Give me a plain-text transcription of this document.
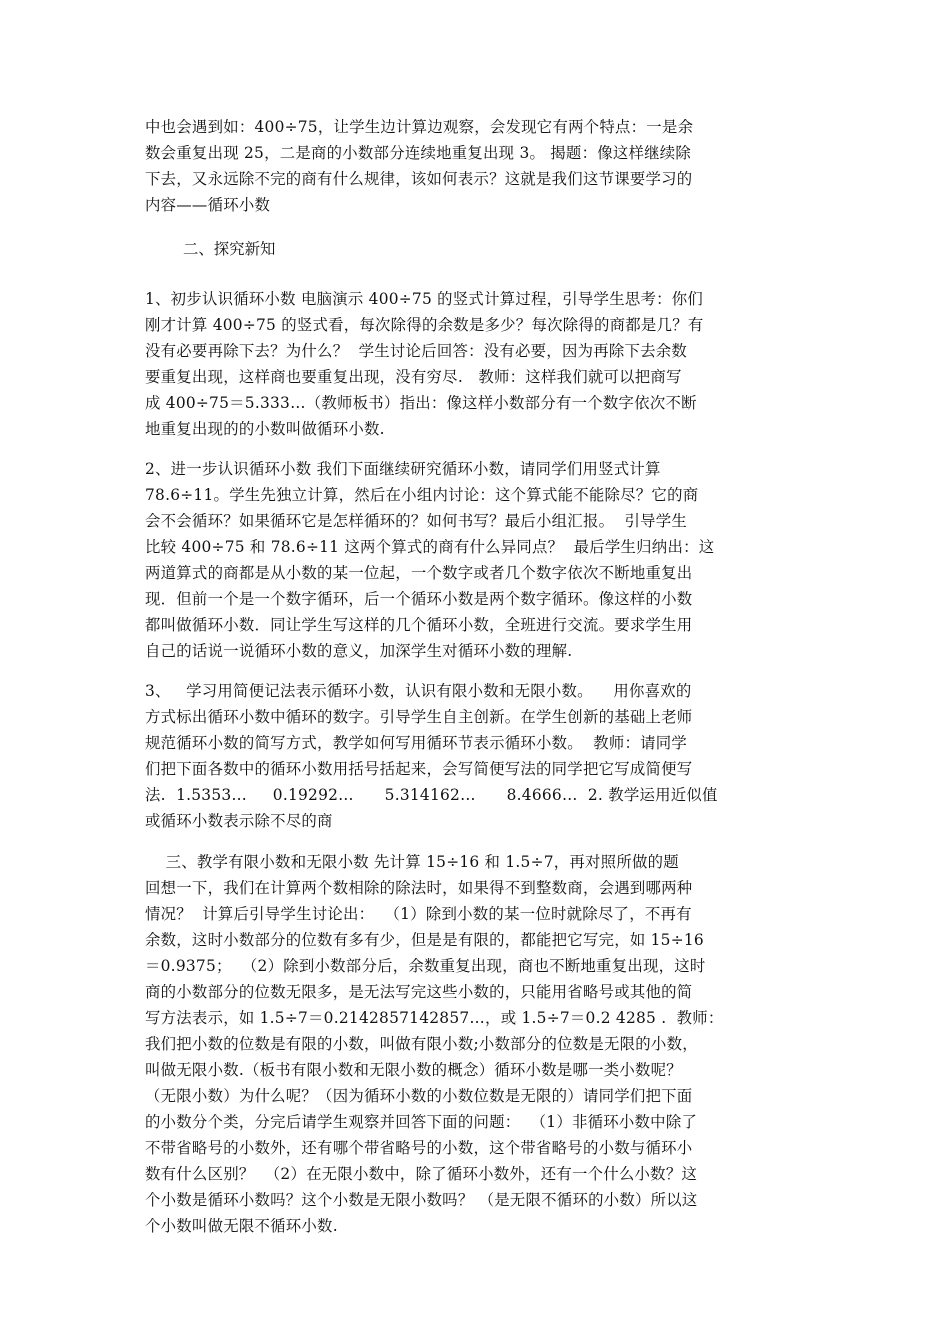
中也会遇到如：400÷75，让学生边计算边观察，会发现它有两个特点：一是余
数会重复出现 25，二是商的小数部分连续地重复出现 3。 揭题：像这样继续除
下去，又永远除不完的商有什么规律，该如何表示？这就是我们这节课要学习的
内容——循环小数

二、探究新知

1、初步认识循环小数 电脑演示 400÷75 的竖式计算过程，引导学生思考：你们
刚才计算 400÷75 的竖式看，每次除得的余数是多少？每次除得的商都是几？有
没有必要再除下去？为什么？  学生讨论后回答：没有必要，因为再除下去余数
要重复出现，这样商也要重复出现，没有穷尽.   教师：这样我们就可以把商写
成 400÷75＝5.333…（教师板书）指出：像这样小数部分有一个数字依次不断
地重复出现的的小数叫做循环小数.
2、进一步认识循环小数 我们下面继续研究循环小数，请同学们用竖式计算
78.6÷11。学生先独立计算，然后在小组内讨论：这个算式能不能除尽？它的商
会不会循环？如果循环它是怎样循环的？如何书写？最后小组汇报。  引导学生
比较 400÷75 和 78.6÷11 这两个算式的商有什么异同点？  最后学生归纳出：这
两道算式的商都是从小数的某一位起，一个数字或者几个数字依次不断地重复出
现．但前一个是一个数字循环，后一个循环小数是两个数字循环。像这样的小数
都叫做循环小数．同让学生写这样的几个循环小数，全班进行交流。要求学生用
自己的话说一说循环小数的意义，加深学生对循环小数的理解.
3、   学习用简便记法表示循环小数，认识有限小数和无限小数。    用你喜欢的
方式标出循环小数中循环的数字。引导学生自主创新。在学生创新的基础上老师
规范循环小数的简写方式，教学如何写用循环节表示循环小数。  教师：请同学
们把下面各数中的循环小数用括号括起来，会写简便写法的同学把它写成简便写
法.  1.5353…     0.19292…      5.314162…      8.4666…  2. 教学运用近似值
或循环小数表示除不尽的商
三、教学有限小数和无限小数 先计算 15÷16 和 1.5÷7，再对照所做的题
回想一下，我们在计算两个数相除的除法时，如果得不到整数商，会遇到哪两种
情况？  计算后引导学生讨论出：  （1）除到小数的某一位时就除尽了，不再有
余数，这时小数部分的位数有多有少，但是是有限的，都能把它写完，如 15÷16
＝0.9375；  （2）除到小数部分后，余数重复出现，商也不断地重复出现，这时
商的小数部分的位数无限多，是无法写完这些小数的，只能用省略号或其他的简
写方法表示，如 1.5÷7＝0.2142857142857…，或 1.5÷7＝0.2 4285 .  教师：
我们把小数的位数是有限的小数，叫做有限小数;小数部分的位数是无限的小数，
叫做无限小数.（板书有限小数和无限小数的概念）循环小数是哪一类小数呢？
（无限小数）为什么呢？（因为循环小数的小数位数是无限的）请同学们把下面
的小数分个类，分完后请学生观察并回答下面的问题：  （1）非循环小数中除了
不带省略号的小数外，还有哪个带省略号的小数，这个带省略号的小数与循环小
数有什么区别？  （2）在无限小数中，除了循环小数外，还有一个什么小数？这
个小数是循环小数吗？这个小数是无限小数吗？ （是无限不循环的小数）所以这
个小数叫做无限不循环小数.
